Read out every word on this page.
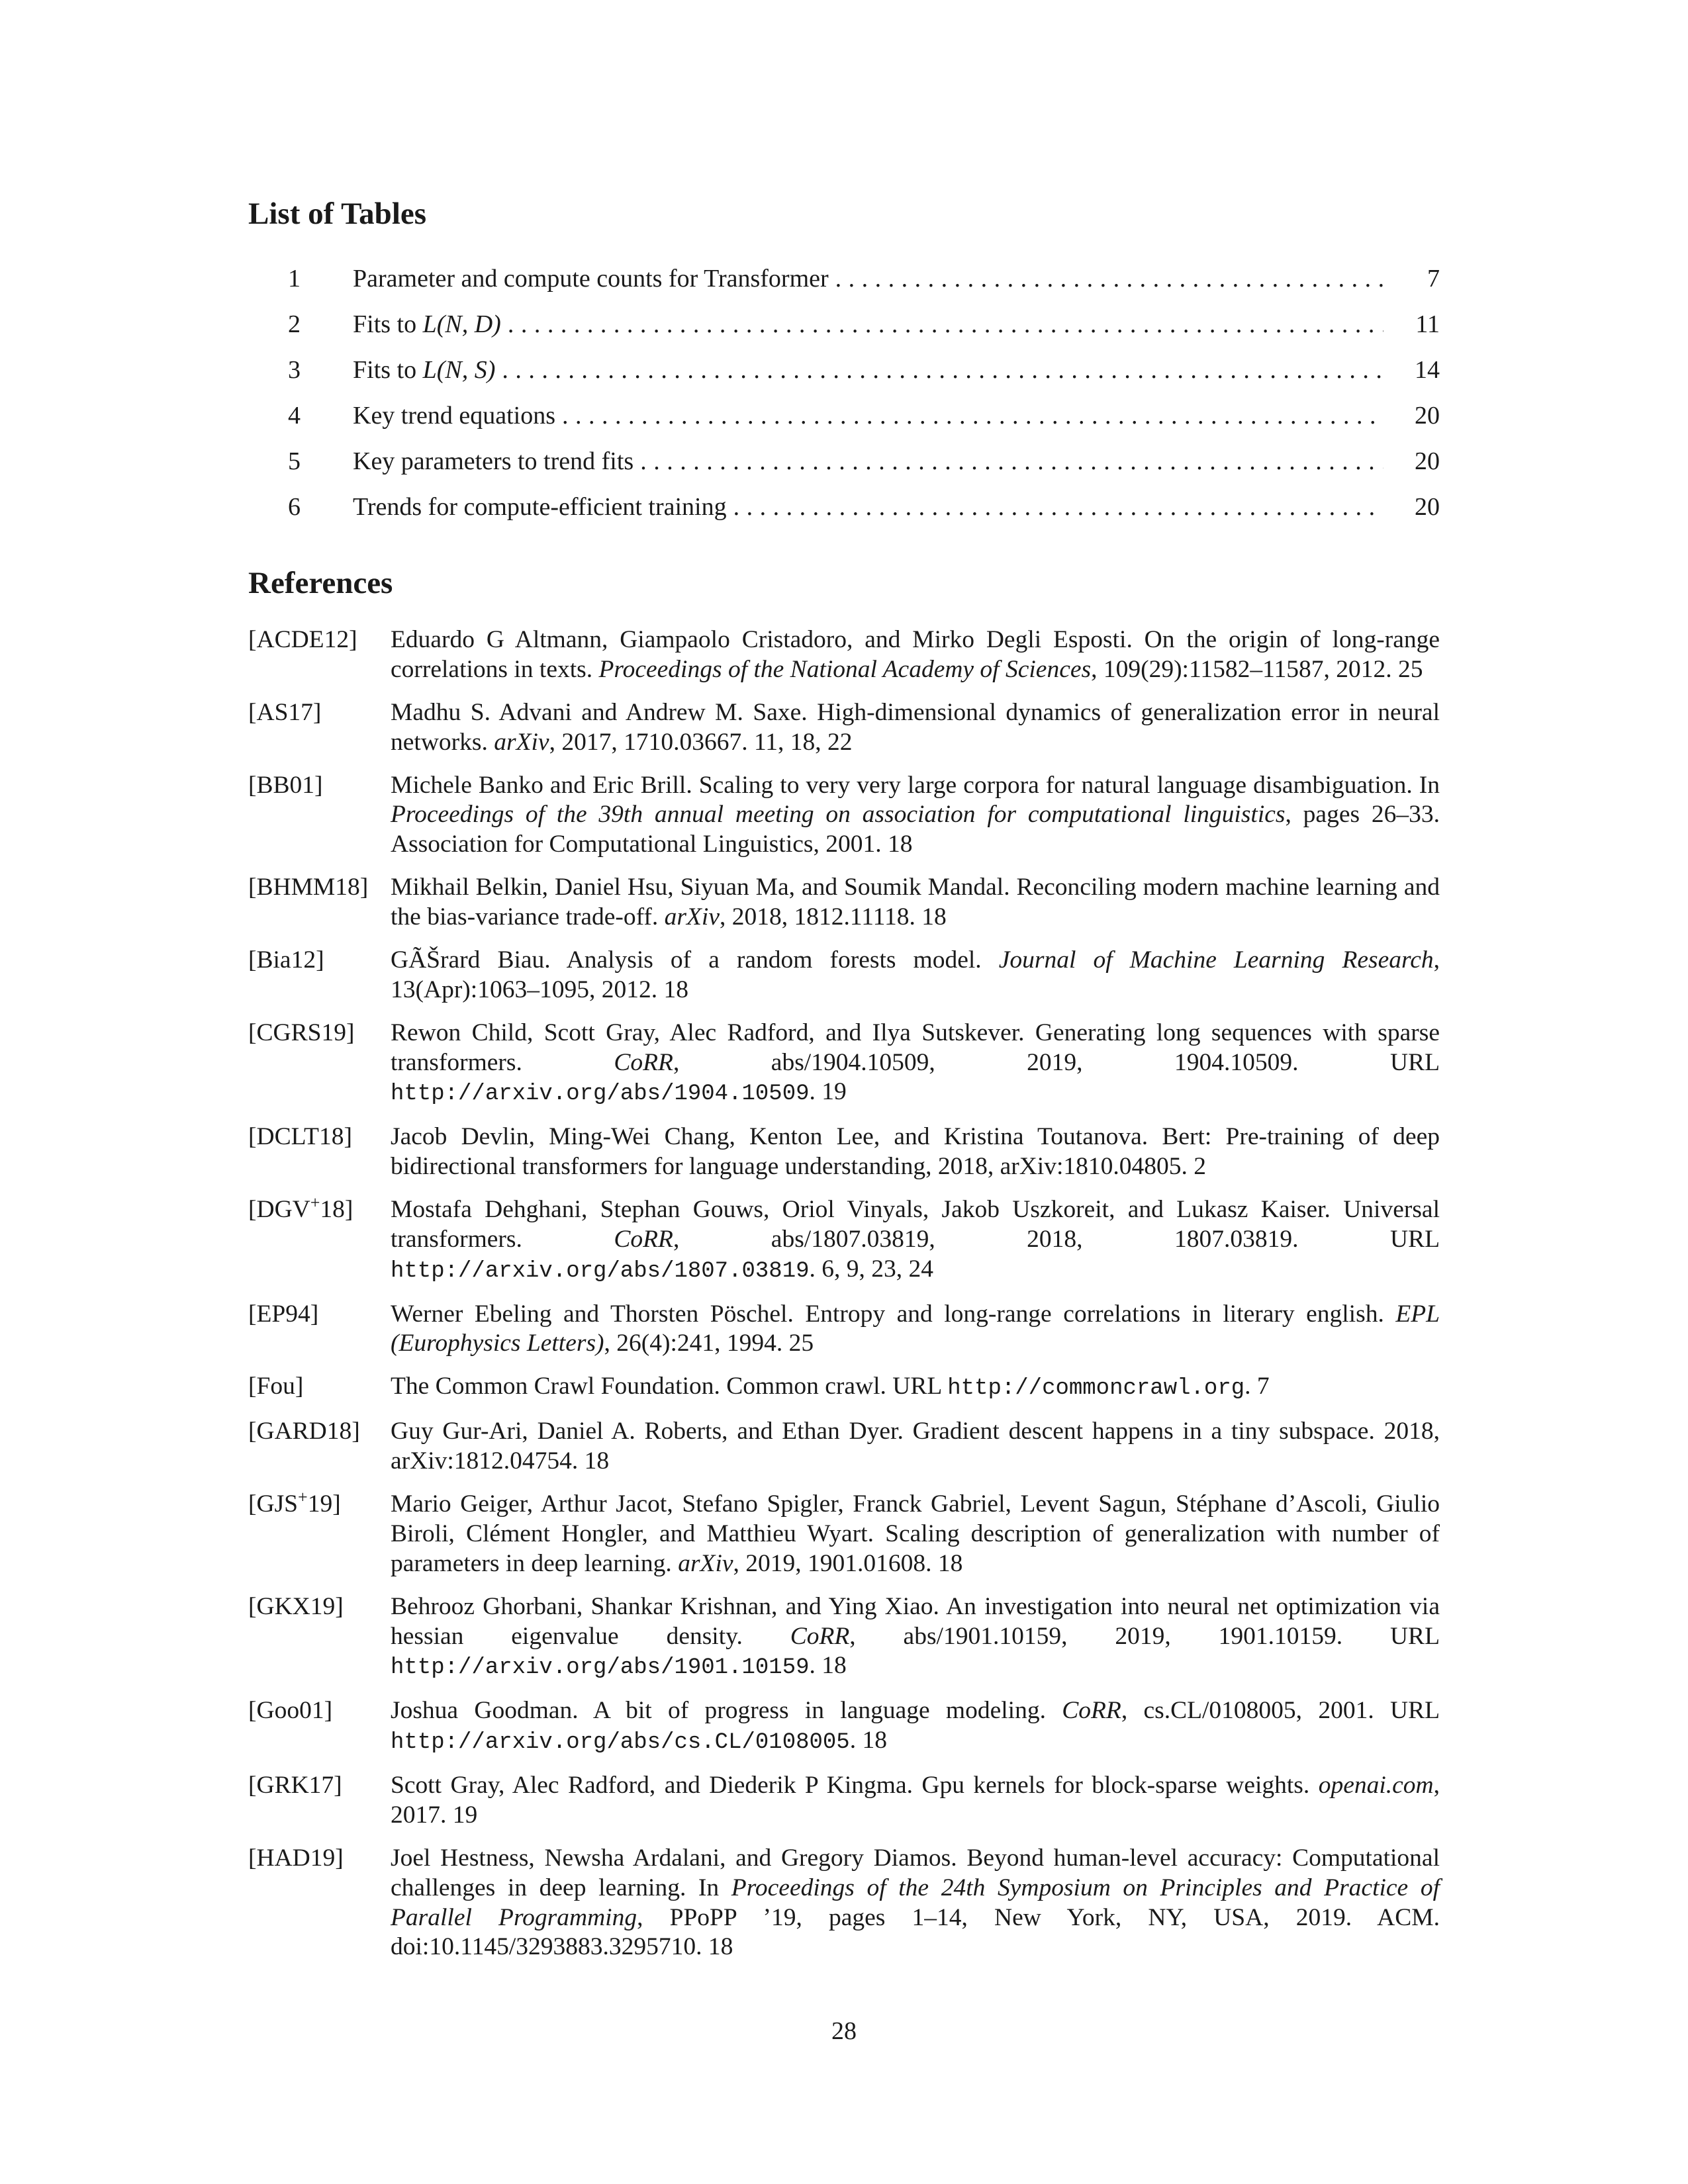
List of Tables
1	Parameter and compute counts for Transformer . . .	7
2	Fits to L(N, D) . . .	11
3	Fits to L(N, S) . . .	14
4	Key trend equations . . .	20
5	Key parameters to trend fits . . .	20
6	Trends for compute-efficient training . . .	20
References
[ACDE12] Eduardo G Altmann, Giampaolo Cristadoro, and Mirko Degli Esposti. On the origin of long-range correlations in texts. Proceedings of the National Academy of Sciences, 109(29):11582–11587, 2012. 25
[AS17]	Madhu S. Advani and Andrew M. Saxe. High-dimensional dynamics of generalization error in neural networks. arXiv, 2017, 1710.03667. 11, 18, 22
[BB01]	Michele Banko and Eric Brill. Scaling to very very large corpora for natural language disambiguation. In Proceedings of the 39th annual meeting on association for computational linguistics, pages 26–33. Association for Computational Linguistics, 2001. 18
[BHMM18] Mikhail Belkin, Daniel Hsu, Siyuan Ma, and Soumik Mandal. Reconciling modern machine learning and the bias-variance trade-off. arXiv, 2018, 1812.11118. 18
[Bia12]	GÃŠrard Biau. Analysis of a random forests model. Journal of Machine Learning Research, 13(Apr):1063–1095, 2012. 18
[CGRS19] Rewon Child, Scott Gray, Alec Radford, and Ilya Sutskever. Generating long sequences with sparse transformers. CoRR, abs/1904.10509, 2019, 1904.10509. URL http://arxiv.org/abs/1904.10509. 19
[DCLT18] Jacob Devlin, Ming-Wei Chang, Kenton Lee, and Kristina Toutanova. Bert: Pre-training of deep bidirectional transformers for language understanding, 2018, arXiv:1810.04805. 2
[DGV+18] Mostafa Dehghani, Stephan Gouws, Oriol Vinyals, Jakob Uszkoreit, and Lukasz Kaiser. Universal transformers. CoRR, abs/1807.03819, 2018, 1807.03819. URL http://arxiv.org/abs/1807.03819. 6, 9, 23, 24
[EP94]	Werner Ebeling and Thorsten Pöschel. Entropy and long-range correlations in literary english. EPL (Europhysics Letters), 26(4):241, 1994. 25
[Fou]	The Common Crawl Foundation. Common crawl. URL http://commoncrawl.org. 7
[GARD18] Guy Gur-Ari, Daniel A. Roberts, and Ethan Dyer. Gradient descent happens in a tiny subspace. 2018, arXiv:1812.04754. 18
[GJS+19] Mario Geiger, Arthur Jacot, Stefano Spigler, Franck Gabriel, Levent Sagun, Stéphane d’Ascoli, Giulio Biroli, Clément Hongler, and Matthieu Wyart. Scaling description of generalization with number of parameters in deep learning. arXiv, 2019, 1901.01608. 18
[GKX19] Behrooz Ghorbani, Shankar Krishnan, and Ying Xiao. An investigation into neural net optimization via hessian eigenvalue density. CoRR, abs/1901.10159, 2019, 1901.10159. URL http://arxiv.org/abs/1901.10159. 18
[Goo01] Joshua Goodman. A bit of progress in language modeling. CoRR, cs.CL/0108005, 2001. URL http://arxiv.org/abs/cs.CL/0108005. 18
[GRK17] Scott Gray, Alec Radford, and Diederik P Kingma. Gpu kernels for block-sparse weights. openai.com, 2017. 19
[HAD19] Joel Hestness, Newsha Ardalani, and Gregory Diamos. Beyond human-level accuracy: Computational challenges in deep learning. In Proceedings of the 24th Symposium on Principles and Practice of Parallel Programming, PPoPP ’19, pages 1–14, New York, NY, USA, 2019. ACM. doi:10.1145/3293883.3295710. 18
28
